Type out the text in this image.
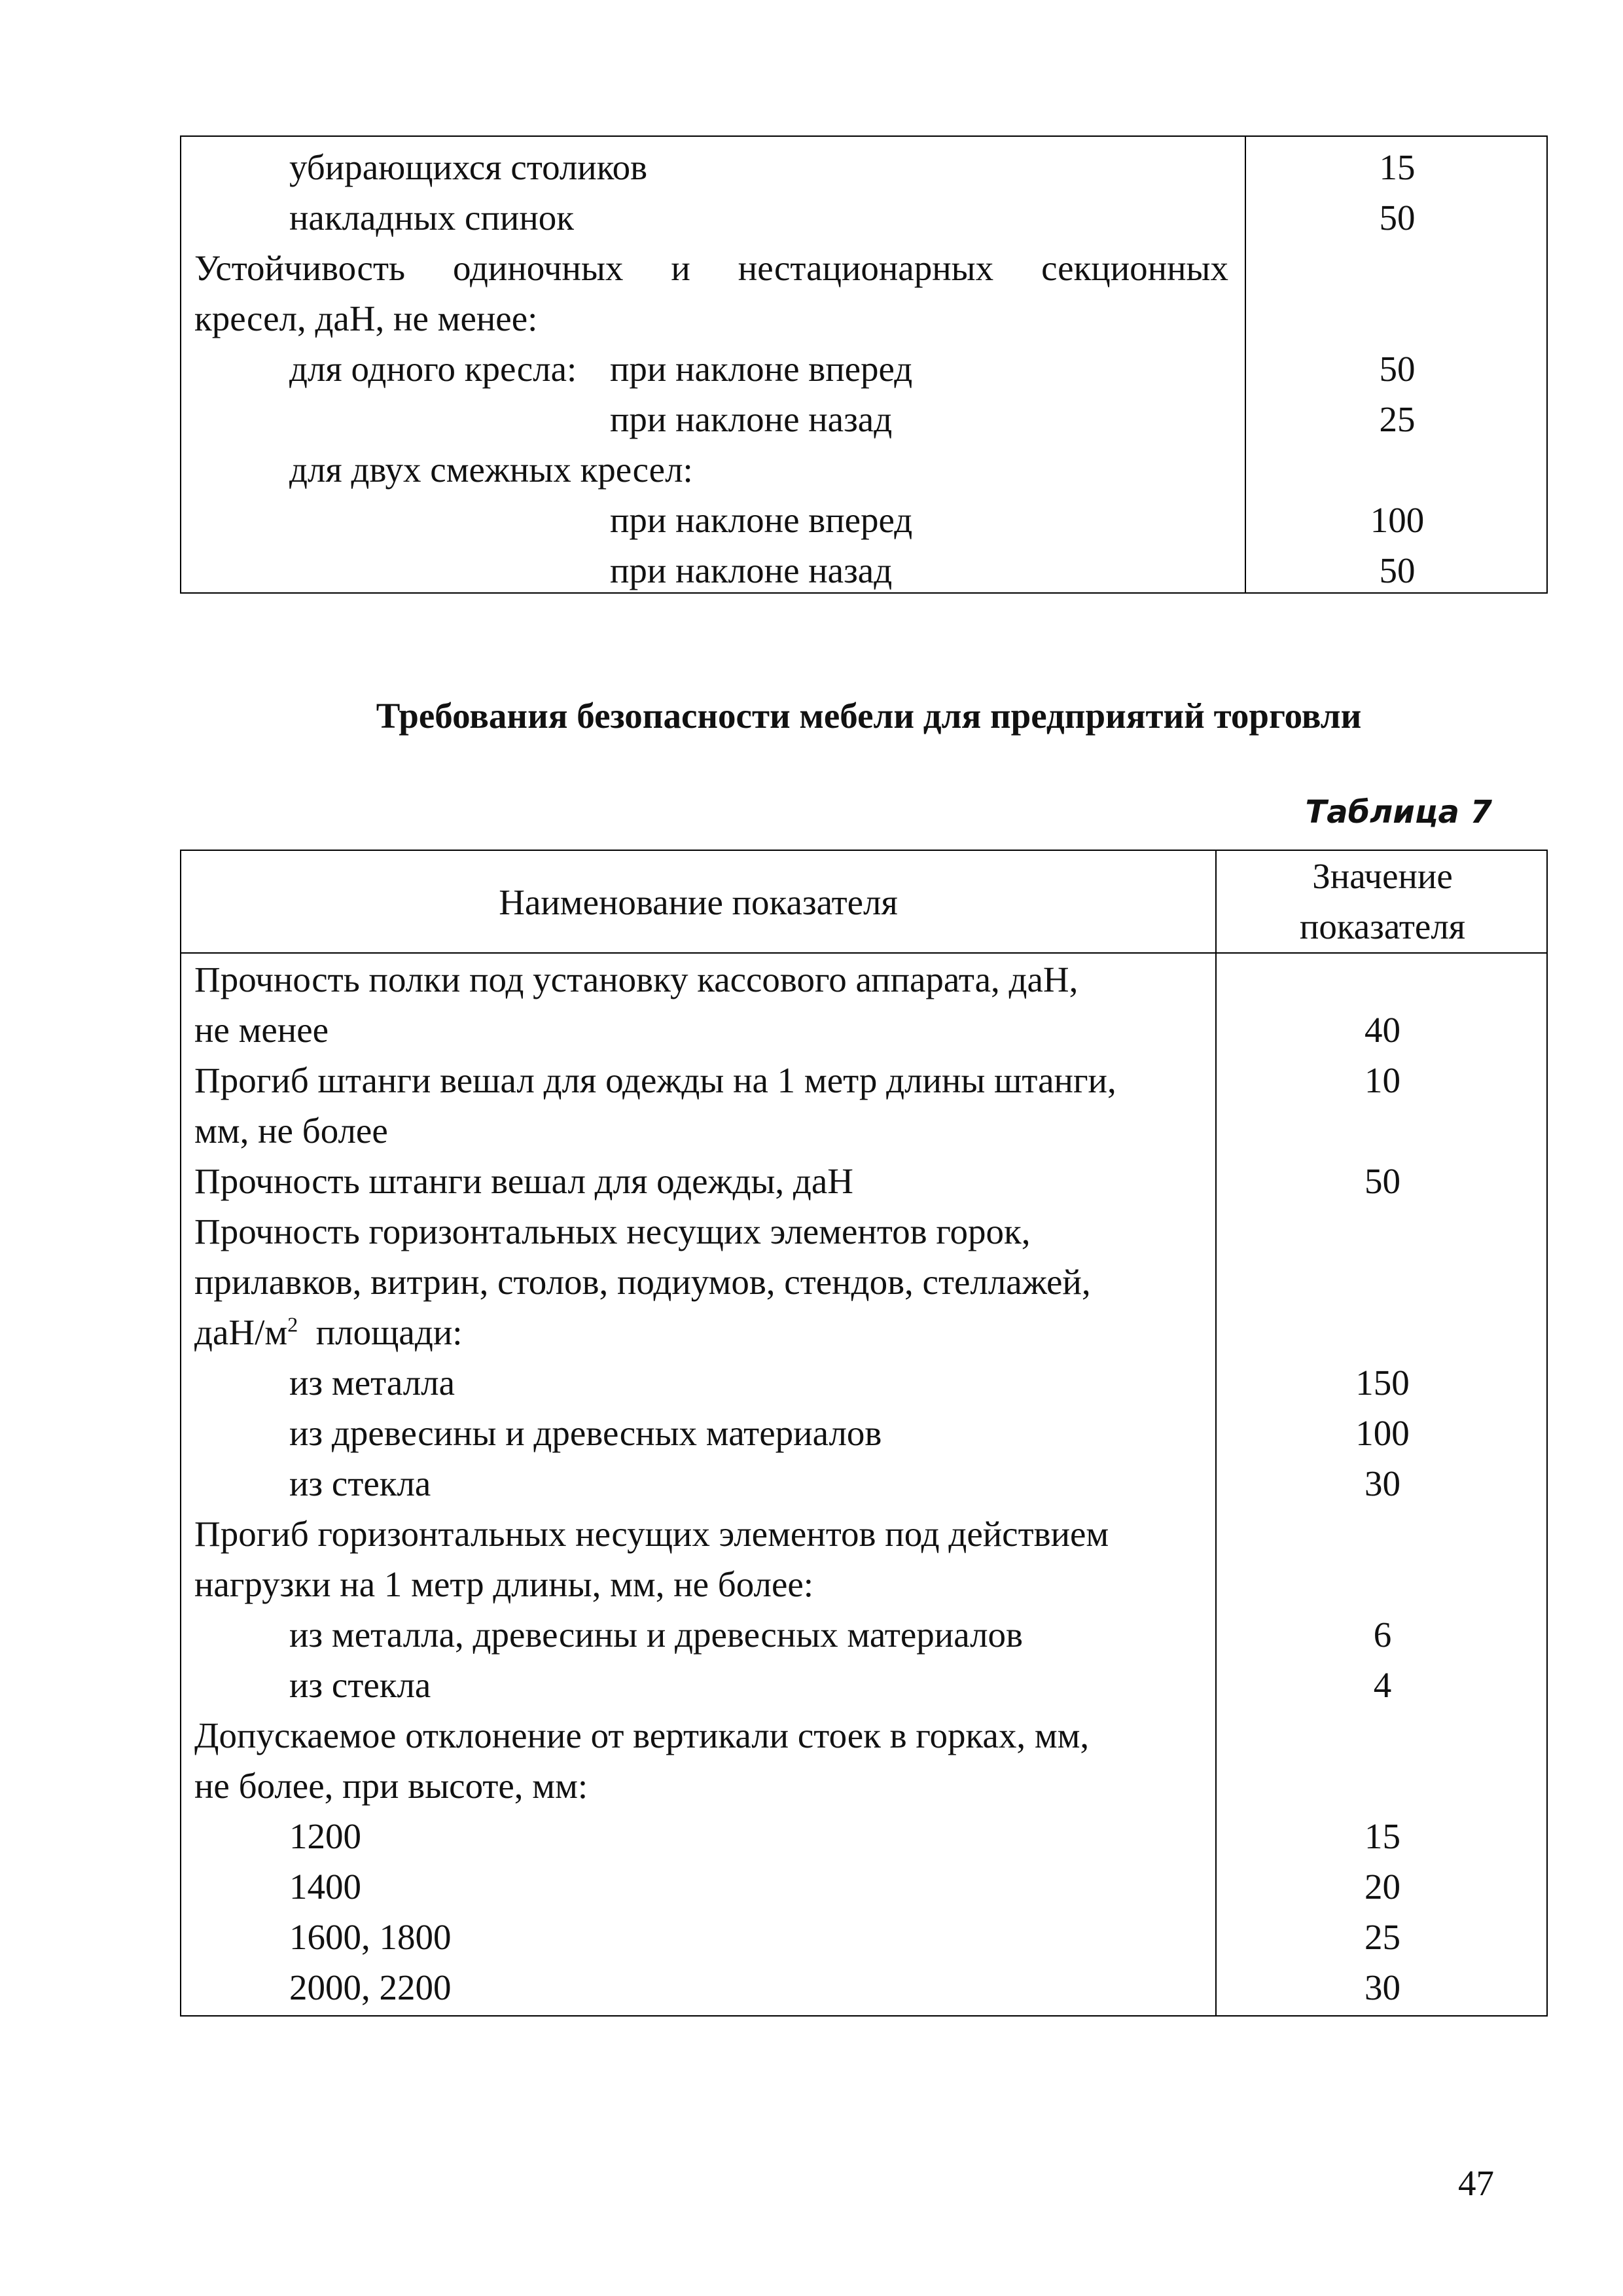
убирающихся столиков	15
накладных спинок	50
Устойчивость одиночных и нестационарных секционных
кресел, даН, не менее:
для одного кресла: при наклоне вперед	50
при наклоне назад	25
для двух смежных кресел:
при наклоне вперед	100
при наклоне назад	50
Требования безопасности мебели для предприятий торговли
Таблица 7
Наименование показателя
Значение
показателя
Прочность полки под установку кассового аппарата, даН,
не менее	40
Прогиб штанги вешал для одежды на 1 метр длины штанги,	10
мм, не более
Прочность штанги вешал для одежды, даН	50
Прочность горизонтальных несущих элементов горок,
прилавков, витрин, столов, подиумов, стендов, стеллажей,
даН/$м^2$  площади:
из металла	150
из древесины и древесных материалов	100
из стекла	30
Прогиб горизонтальных несущих элементов под действием
нагрузки на 1 метр длины, мм, не более:
из металла, древесины и древесных материалов	6
из стекла	4
Допускаемое отклонение от вертикали стоек в горках, мм,
не более, при высоте, мм:
1200	15
1400	20
1600, 1800	25
2000, 2200	30
47
